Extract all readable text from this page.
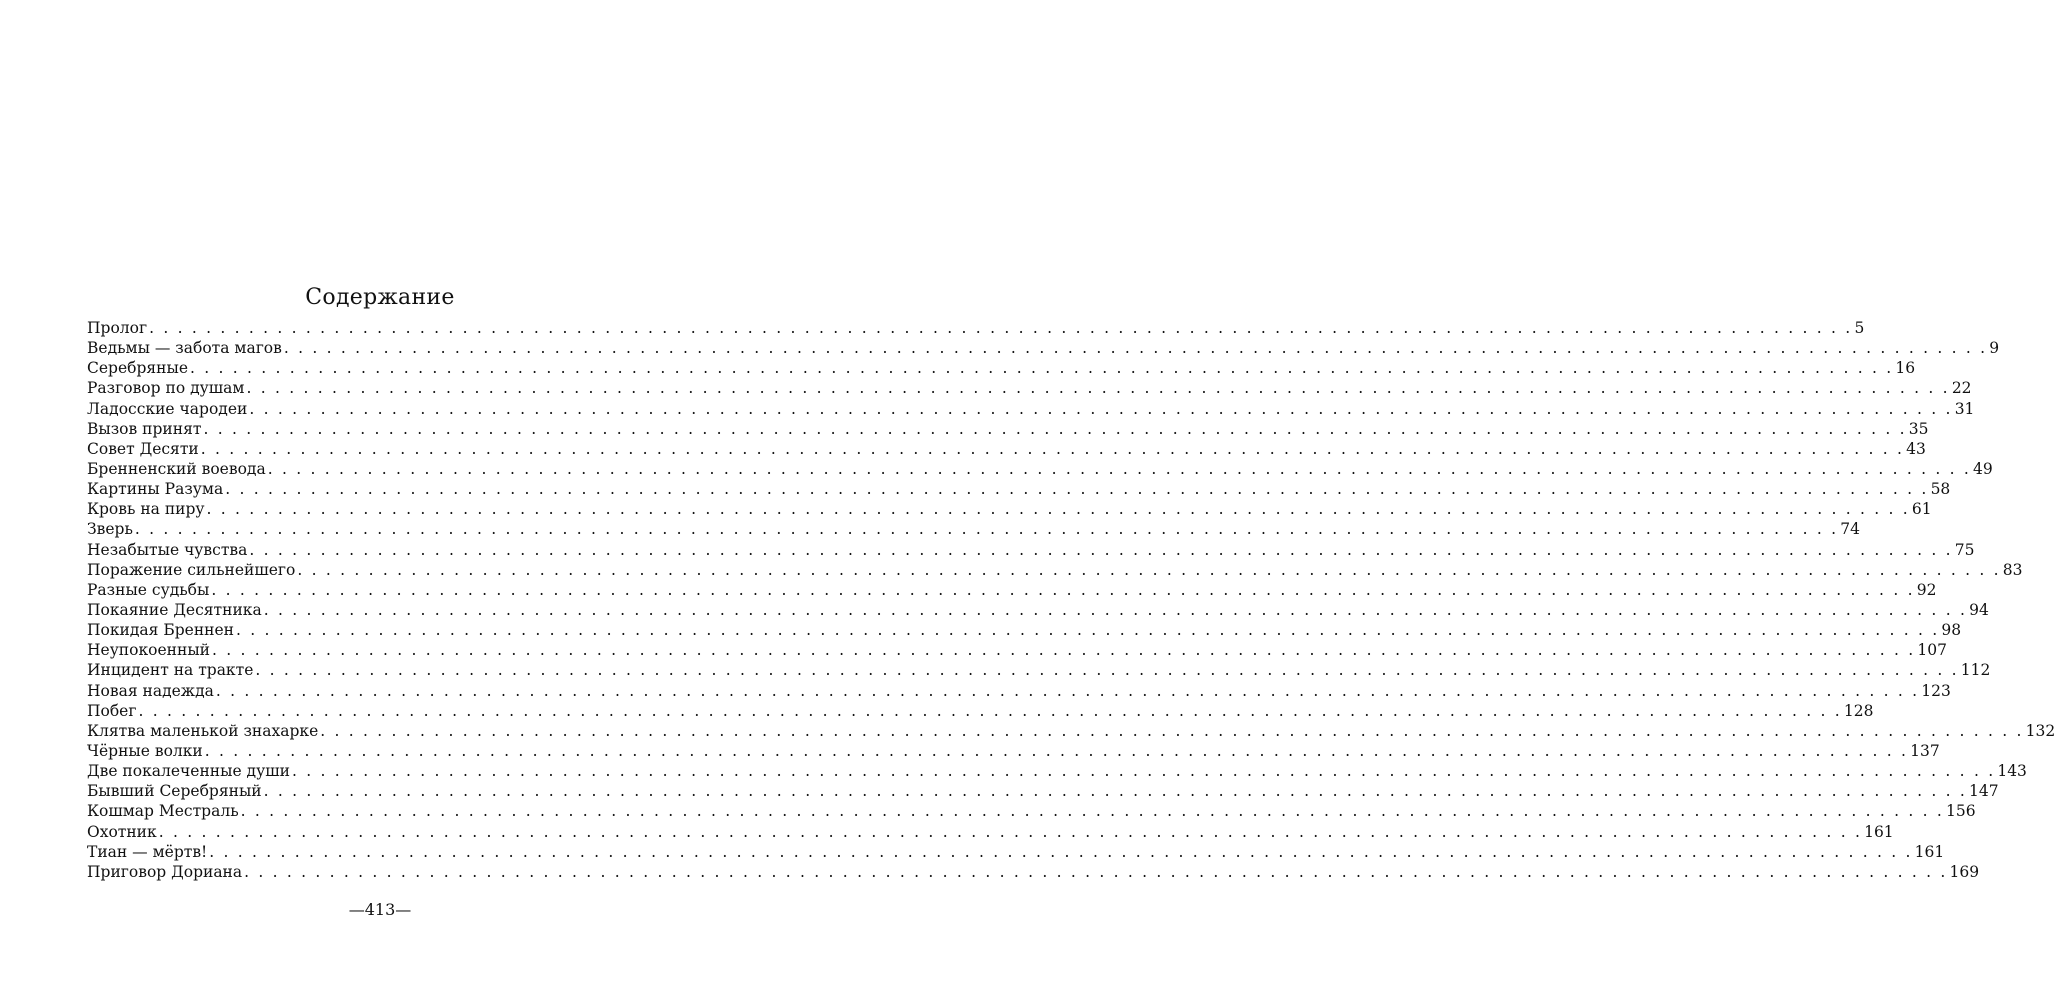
Содержание
Пролог . . . . . . . . . . . . . . . . . . . . . . . . . . . . . . . . . . . . . . . . . . . . . . . . . . . . . . . . . . . . . . . . . . . . . . . . . . . . . . . . . . . . . . . . . . . . . . . . . . . . . . . . . . . . . . . . . . . . . . . . 5
Ведьмы — забота магов . . . . . . . . . . . . . . . . . . . . . . . . . . . . . . . . . . . . . . . . . . . . . . . . . . . . . . . . . . . . . . . . . . . . . . . . . . . . . . . . . . . . . . . . . . . . . . . . . . . . . . . . . . . . . . . . . . . . . . . . 9
Серебряные . . . . . . . . . . . . . . . . . . . . . . . . . . . . . . . . . . . . . . . . . . . . . . . . . . . . . . . . . . . . . . . . . . . . . . . . . . . . . . . . . . . . . . . . . . . . . . . . . . . . . . . . . . . . . . . . . . . . . . . . 16
Разговор по душам . . . . . . . . . . . . . . . . . . . . . . . . . . . . . . . . . . . . . . . . . . . . . . . . . . . . . . . . . . . . . . . . . . . . . . . . . . . . . . . . . . . . . . . . . . . . . . . . . . . . . . . . . . . . . . . . . . . . . . . . 22
Ладосские чародеи . . . . . . . . . . . . . . . . . . . . . . . . . . . . . . . . . . . . . . . . . . . . . . . . . . . . . . . . . . . . . . . . . . . . . . . . . . . . . . . . . . . . . . . . . . . . . . . . . . . . . . . . . . . . . . . . . . . . . . . . 31
Вызов принят . . . . . . . . . . . . . . . . . . . . . . . . . . . . . . . . . . . . . . . . . . . . . . . . . . . . . . . . . . . . . . . . . . . . . . . . . . . . . . . . . . . . . . . . . . . . . . . . . . . . . . . . . . . . . . . . . . . . . . . . 35
Совет Десяти . . . . . . . . . . . . . . . . . . . . . . . . . . . . . . . . . . . . . . . . . . . . . . . . . . . . . . . . . . . . . . . . . . . . . . . . . . . . . . . . . . . . . . . . . . . . . . . . . . . . . . . . . . . . . . . . . . . . . . . . 43
Бренненский воевода . . . . . . . . . . . . . . . . . . . . . . . . . . . . . . . . . . . . . . . . . . . . . . . . . . . . . . . . . . . . . . . . . . . . . . . . . . . . . . . . . . . . . . . . . . . . . . . . . . . . . . . . . . . . . . . . . . . . . . . . 49
Картины Разума . . . . . . . . . . . . . . . . . . . . . . . . . . . . . . . . . . . . . . . . . . . . . . . . . . . . . . . . . . . . . . . . . . . . . . . . . . . . . . . . . . . . . . . . . . . . . . . . . . . . . . . . . . . . . . . . . . . . . . . . 58
Кровь на пиру . . . . . . . . . . . . . . . . . . . . . . . . . . . . . . . . . . . . . . . . . . . . . . . . . . . . . . . . . . . . . . . . . . . . . . . . . . . . . . . . . . . . . . . . . . . . . . . . . . . . . . . . . . . . . . . . . . . . . . . . 61
Зверь . . . . . . . . . . . . . . . . . . . . . . . . . . . . . . . . . . . . . . . . . . . . . . . . . . . . . . . . . . . . . . . . . . . . . . . . . . . . . . . . . . . . . . . . . . . . . . . . . . . . . . . . . . . . . . . . . . . . . . . . 74
Незабытые чувства . . . . . . . . . . . . . . . . . . . . . . . . . . . . . . . . . . . . . . . . . . . . . . . . . . . . . . . . . . . . . . . . . . . . . . . . . . . . . . . . . . . . . . . . . . . . . . . . . . . . . . . . . . . . . . . . . . . . . . . . 75
Поражение сильнейшего . . . . . . . . . . . . . . . . . . . . . . . . . . . . . . . . . . . . . . . . . . . . . . . . . . . . . . . . . . . . . . . . . . . . . . . . . . . . . . . . . . . . . . . . . . . . . . . . . . . . . . . . . . . . . . . . . . . . . . . . 83
Разные судьбы . . . . . . . . . . . . . . . . . . . . . . . . . . . . . . . . . . . . . . . . . . . . . . . . . . . . . . . . . . . . . . . . . . . . . . . . . . . . . . . . . . . . . . . . . . . . . . . . . . . . . . . . . . . . . . . . . . . . . . . . 92
Покаяние Десятника . . . . . . . . . . . . . . . . . . . . . . . . . . . . . . . . . . . . . . . . . . . . . . . . . . . . . . . . . . . . . . . . . . . . . . . . . . . . . . . . . . . . . . . . . . . . . . . . . . . . . . . . . . . . . . . . . . . . . . . . 94
Покидая Бреннен . . . . . . . . . . . . . . . . . . . . . . . . . . . . . . . . . . . . . . . . . . . . . . . . . . . . . . . . . . . . . . . . . . . . . . . . . . . . . . . . . . . . . . . . . . . . . . . . . . . . . . . . . . . . . . . . . . . . . . . . 98
Неупокоенный . . . . . . . . . . . . . . . . . . . . . . . . . . . . . . . . . . . . . . . . . . . . . . . . . . . . . . . . . . . . . . . . . . . . . . . . . . . . . . . . . . . . . . . . . . . . . . . . . . . . . . . . . . . . . . . . . . . . . . . . 107
Инцидент на тракте . . . . . . . . . . . . . . . . . . . . . . . . . . . . . . . . . . . . . . . . . . . . . . . . . . . . . . . . . . . . . . . . . . . . . . . . . . . . . . . . . . . . . . . . . . . . . . . . . . . . . . . . . . . . . . . . . . . . . . . . 112
Новая надежда . . . . . . . . . . . . . . . . . . . . . . . . . . . . . . . . . . . . . . . . . . . . . . . . . . . . . . . . . . . . . . . . . . . . . . . . . . . . . . . . . . . . . . . . . . . . . . . . . . . . . . . . . . . . . . . . . . . . . . . . 123
Побег . . . . . . . . . . . . . . . . . . . . . . . . . . . . . . . . . . . . . . . . . . . . . . . . . . . . . . . . . . . . . . . . . . . . . . . . . . . . . . . . . . . . . . . . . . . . . . . . . . . . . . . . . . . . . . . . . . . . . . . . 128
Клятва маленькой знахарке . . . . . . . . . . . . . . . . . . . . . . . . . . . . . . . . . . . . . . . . . . . . . . . . . . . . . . . . . . . . . . . . . . . . . . . . . . . . . . . . . . . . . . . . . . . . . . . . . . . . . . . . . . . . . . . . . . . . . . . . 132
Чёрные волки . . . . . . . . . . . . . . . . . . . . . . . . . . . . . . . . . . . . . . . . . . . . . . . . . . . . . . . . . . . . . . . . . . . . . . . . . . . . . . . . . . . . . . . . . . . . . . . . . . . . . . . . . . . . . . . . . . . . . . . . 137
Две покалеченные души . . . . . . . . . . . . . . . . . . . . . . . . . . . . . . . . . . . . . . . . . . . . . . . . . . . . . . . . . . . . . . . . . . . . . . . . . . . . . . . . . . . . . . . . . . . . . . . . . . . . . . . . . . . . . . . . . . . . . . . . 143
Бывший Серебряный . . . . . . . . . . . . . . . . . . . . . . . . . . . . . . . . . . . . . . . . . . . . . . . . . . . . . . . . . . . . . . . . . . . . . . . . . . . . . . . . . . . . . . . . . . . . . . . . . . . . . . . . . . . . . . . . . . . . . . . . 147
Кошмар Местраль . . . . . . . . . . . . . . . . . . . . . . . . . . . . . . . . . . . . . . . . . . . . . . . . . . . . . . . . . . . . . . . . . . . . . . . . . . . . . . . . . . . . . . . . . . . . . . . . . . . . . . . . . . . . . . . . . . . . . . . . 156
Охотник . . . . . . . . . . . . . . . . . . . . . . . . . . . . . . . . . . . . . . . . . . . . . . . . . . . . . . . . . . . . . . . . . . . . . . . . . . . . . . . . . . . . . . . . . . . . . . . . . . . . . . . . . . . . . . . . . . . . . . . . 161
Тиан — мёртв! . . . . . . . . . . . . . . . . . . . . . . . . . . . . . . . . . . . . . . . . . . . . . . . . . . . . . . . . . . . . . . . . . . . . . . . . . . . . . . . . . . . . . . . . . . . . . . . . . . . . . . . . . . . . . . . . . . . . . . . . 161
Приговор Дориана . . . . . . . . . . . . . . . . . . . . . . . . . . . . . . . . . . . . . . . . . . . . . . . . . . . . . . . . . . . . . . . . . . . . . . . . . . . . . . . . . . . . . . . . . . . . . . . . . . . . . . . . . . . . . . . . . . . . . . . . 169
—413—
